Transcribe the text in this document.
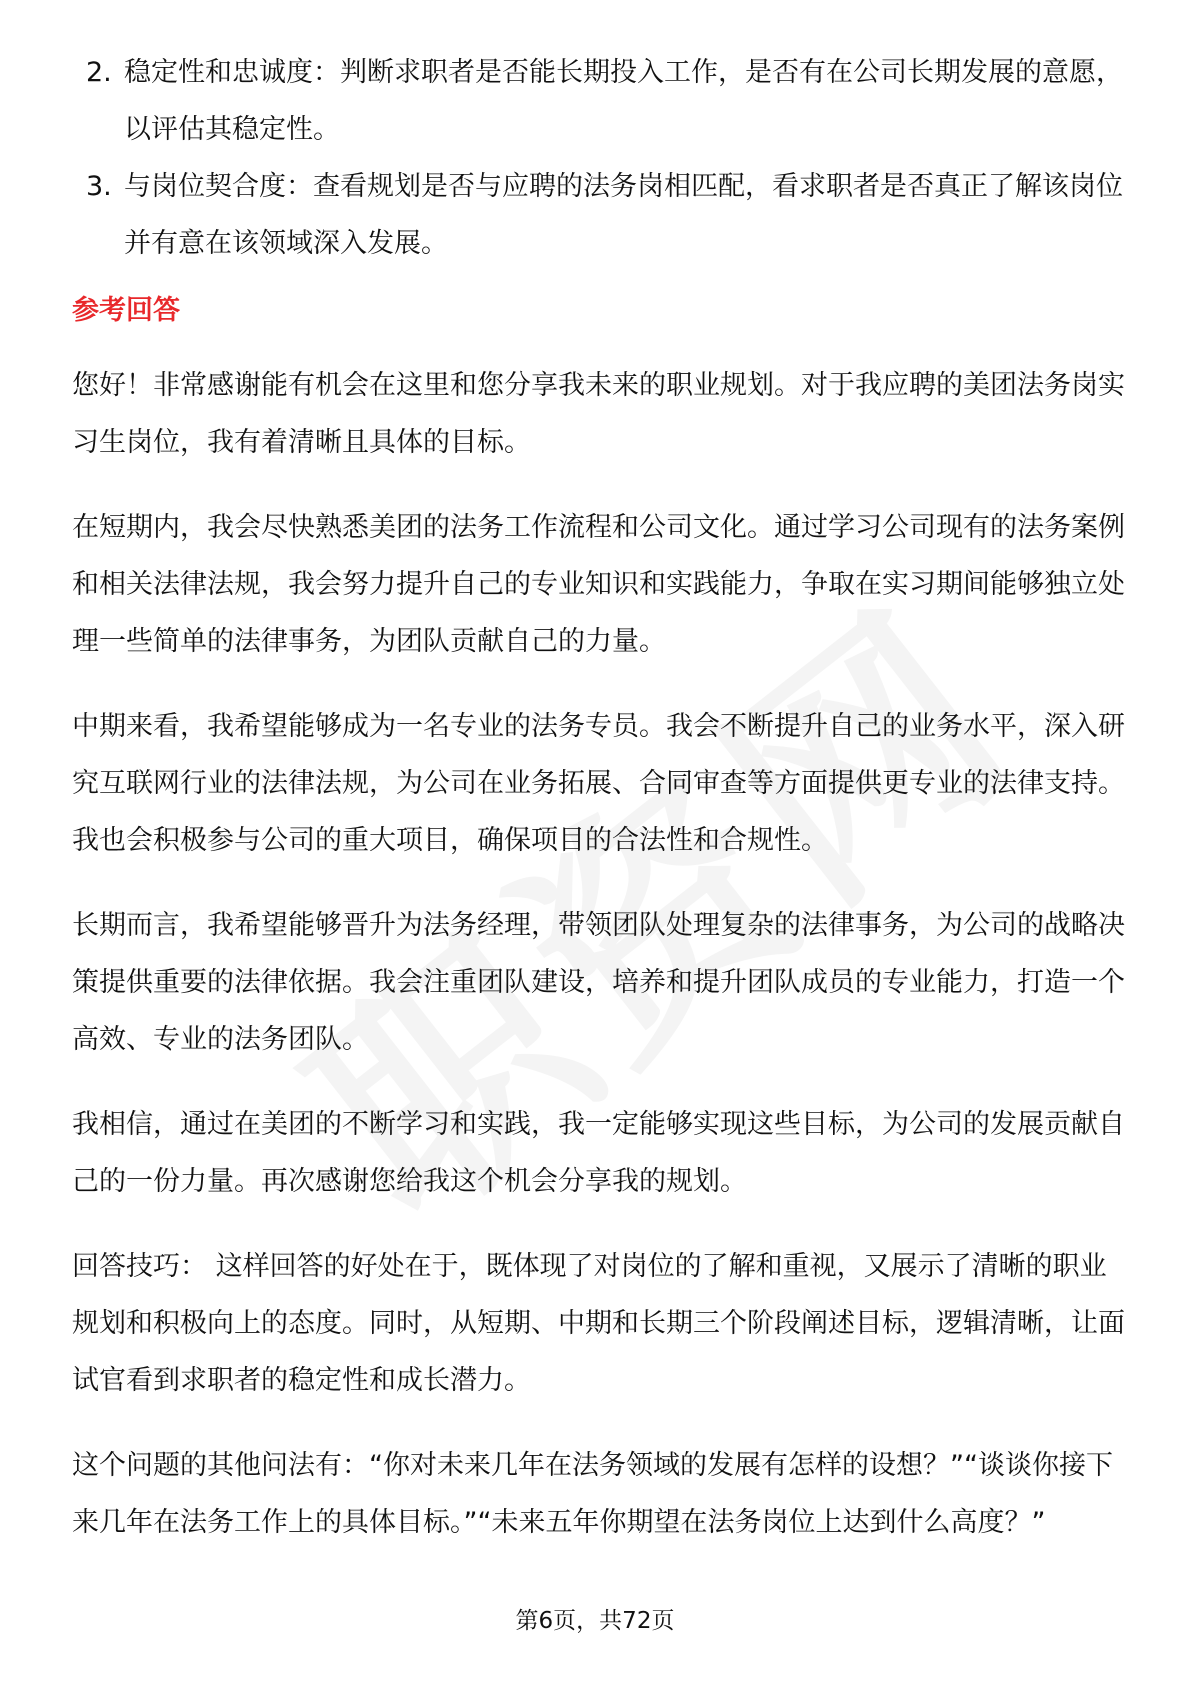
2. 稳定性和忠诚度：判断求职者是否能长期投入工作，是否有在公司长期发展的意愿，以评估其稳定性。
3. 与岗位契合度：查看规划是否与应聘的法务岗相匹配，看求职者是否真正了解该岗位并有意在该领域深入发展。
参考回答

您好！非常感谢能有机会在这里和您分享我未来的职业规划。对于我应聘的美团法务岗实习生岗位，我有着清晰且具体的目标。

在短期内，我会尽快熟悉美团的法务工作流程和公司文化。通过学习公司现有的法务案例和相关法律法规，我会努力提升自己的专业知识和实践能力，争取在实习期间能够独立处理一些简单的法律事务，为团队贡献自己的力量。

中期来看，我希望能够成为一名专业的法务专员。我会不断提升自己的业务水平，深入研究互联网行业的法律法规，为公司在业务拓展、合同审查等方面提供更专业的法律支持。我也会积极参与公司的重大项目，确保项目的合法性和合规性。

长期而言，我希望能够晋升为法务经理，带领团队处理复杂的法律事务，为公司的战略决策提供重要的法律依据。我会注重团队建设，培养和提升团队成员的专业能力，打造一个高效、专业的法务团队。

我相信，通过在美团的不断学习和实践，我一定能够实现这些目标，为公司的发展贡献自己的一份力量。再次感谢您给我这个机会分享我的规划。

回答技巧： 这样回答的好处在于，既体现了对岗位的了解和重视，又展示了清晰的职业规划和积极向上的态度。同时，从短期、中期和长期三个阶段阐述目标，逻辑清晰，让面试官看到求职者的稳定性和成长潜力。

这个问题的其他问法有：“你对未来几年在法务领域的发展有怎样的设想？”“谈谈你接下来几年在法务工作上的具体目标。”“未来五年你期望在法务岗位上达到什么高度？”

第6页，共72页
